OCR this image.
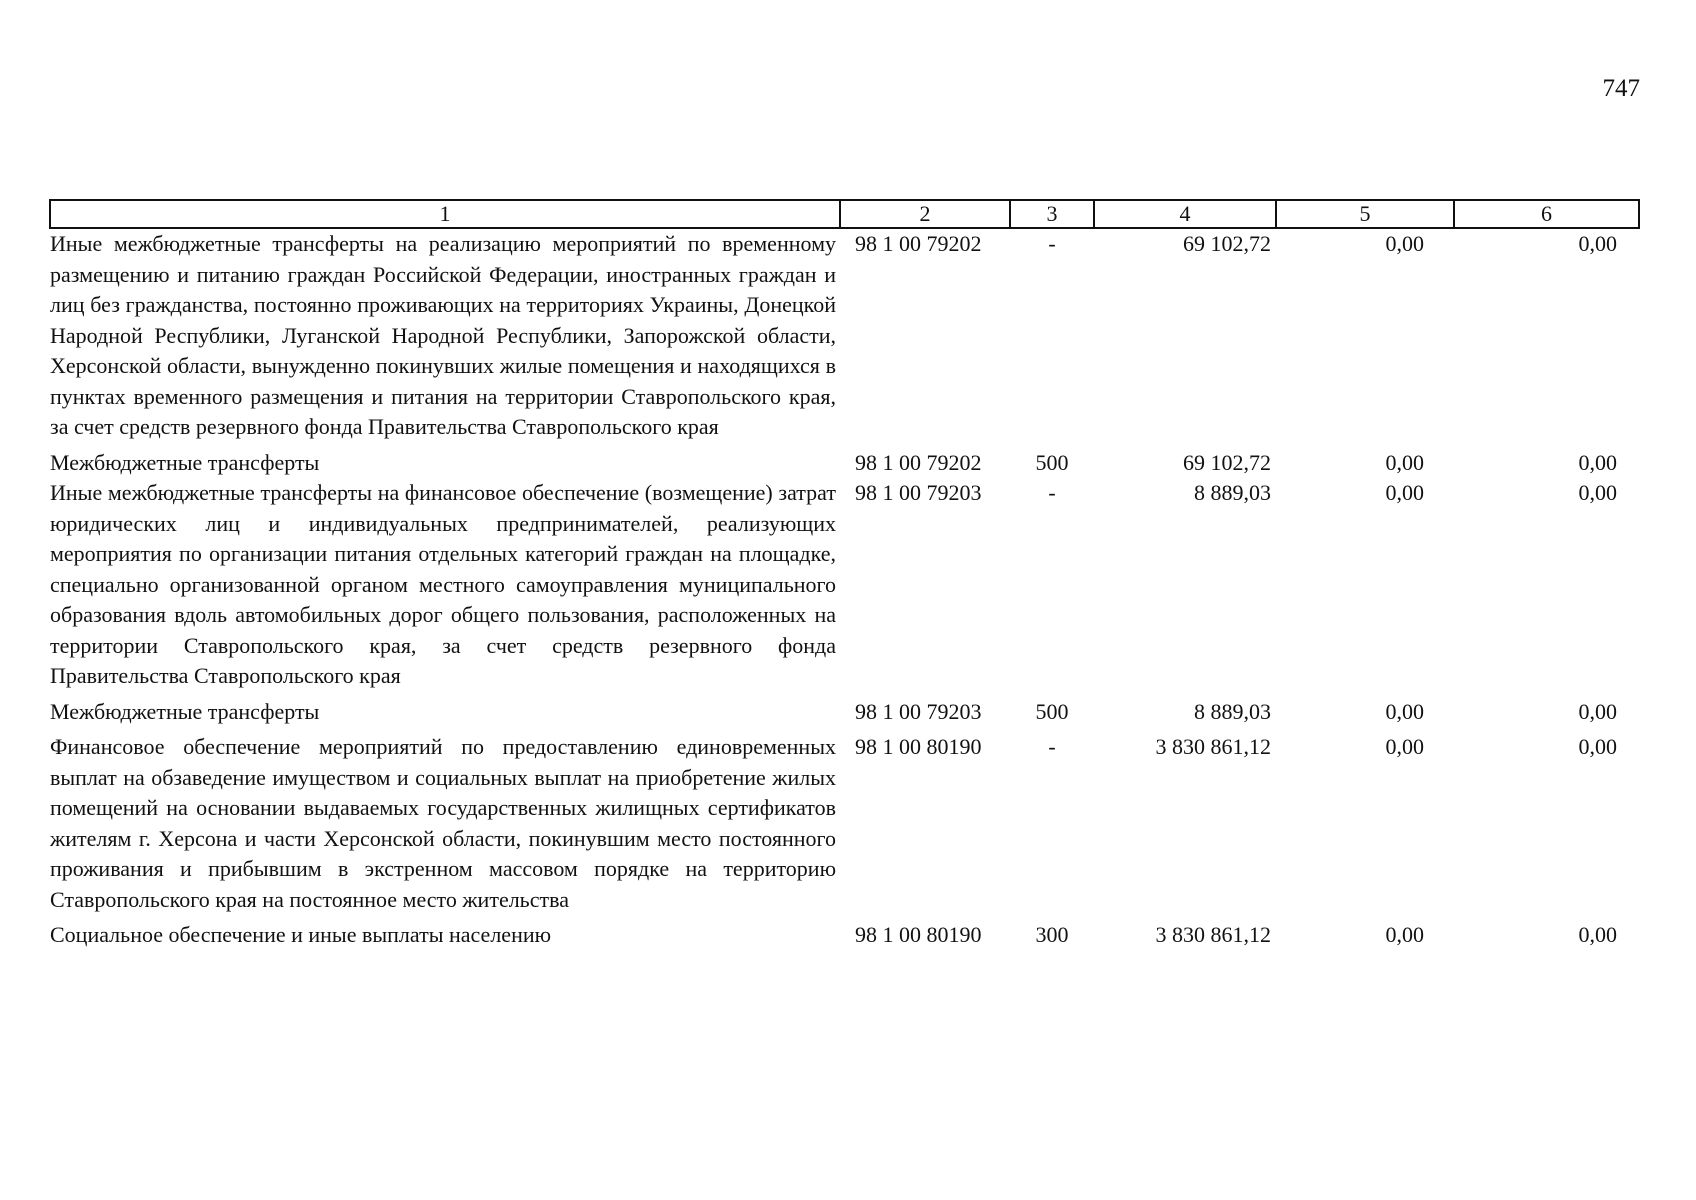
747
1	2	3	4	5	6
Иные межбюджетные трансферты на реализацию мероприятий по временному размещению и питанию граждан Российской Федерации, иностранных граждан и лиц без гражданства, постоянно проживающих на территориях Украины, Донецкой Народной Республики, Луганской Народной Республики, Запорожской области, Херсонской области, вынужденно покинувших жилые помещения и находящихся в пунктах временного размещения и питания на территории Ставропольского края, за счет средств резервного фонда Правительства Ставропольского края	98 1 00 79202	-	69 102,72	0,00	0,00
Межбюджетные трансферты	98 1 00 79202	500	69 102,72	0,00	0,00
Иные межбюджетные трансферты на финансовое обеспечение (возмещение) затрат юридических лиц и индивидуальных предпринимателей, реализующих мероприятия по организации питания отдельных категорий граждан на площадке, специально организованной органом местного самоуправления муниципального образования вдоль автомобильных дорог общего пользования, расположенных на территории Ставропольского края, за счет средств резервного фонда Правительства Ставропольского края	98 1 00 79203	-	8 889,03	0,00	0,00
Межбюджетные трансферты	98 1 00 79203	500	8 889,03	0,00	0,00
Финансовое обеспечение мероприятий по предоставлению единовременных выплат на обзаведение имуществом и социальных выплат на приобретение жилых помещений на основании выдаваемых государственных жилищных сертификатов жителям г. Херсона и части Херсонской области, покинувшим место постоянного проживания и прибывшим в экстренном массовом порядке на территорию Ставропольского края на постоянное место жительства	98 1 00 80190	-	3 830 861,12	0,00	0,00
Социальное обеспечение и иные выплаты населению	98 1 00 80190	300	3 830 861,12	0,00	0,00
